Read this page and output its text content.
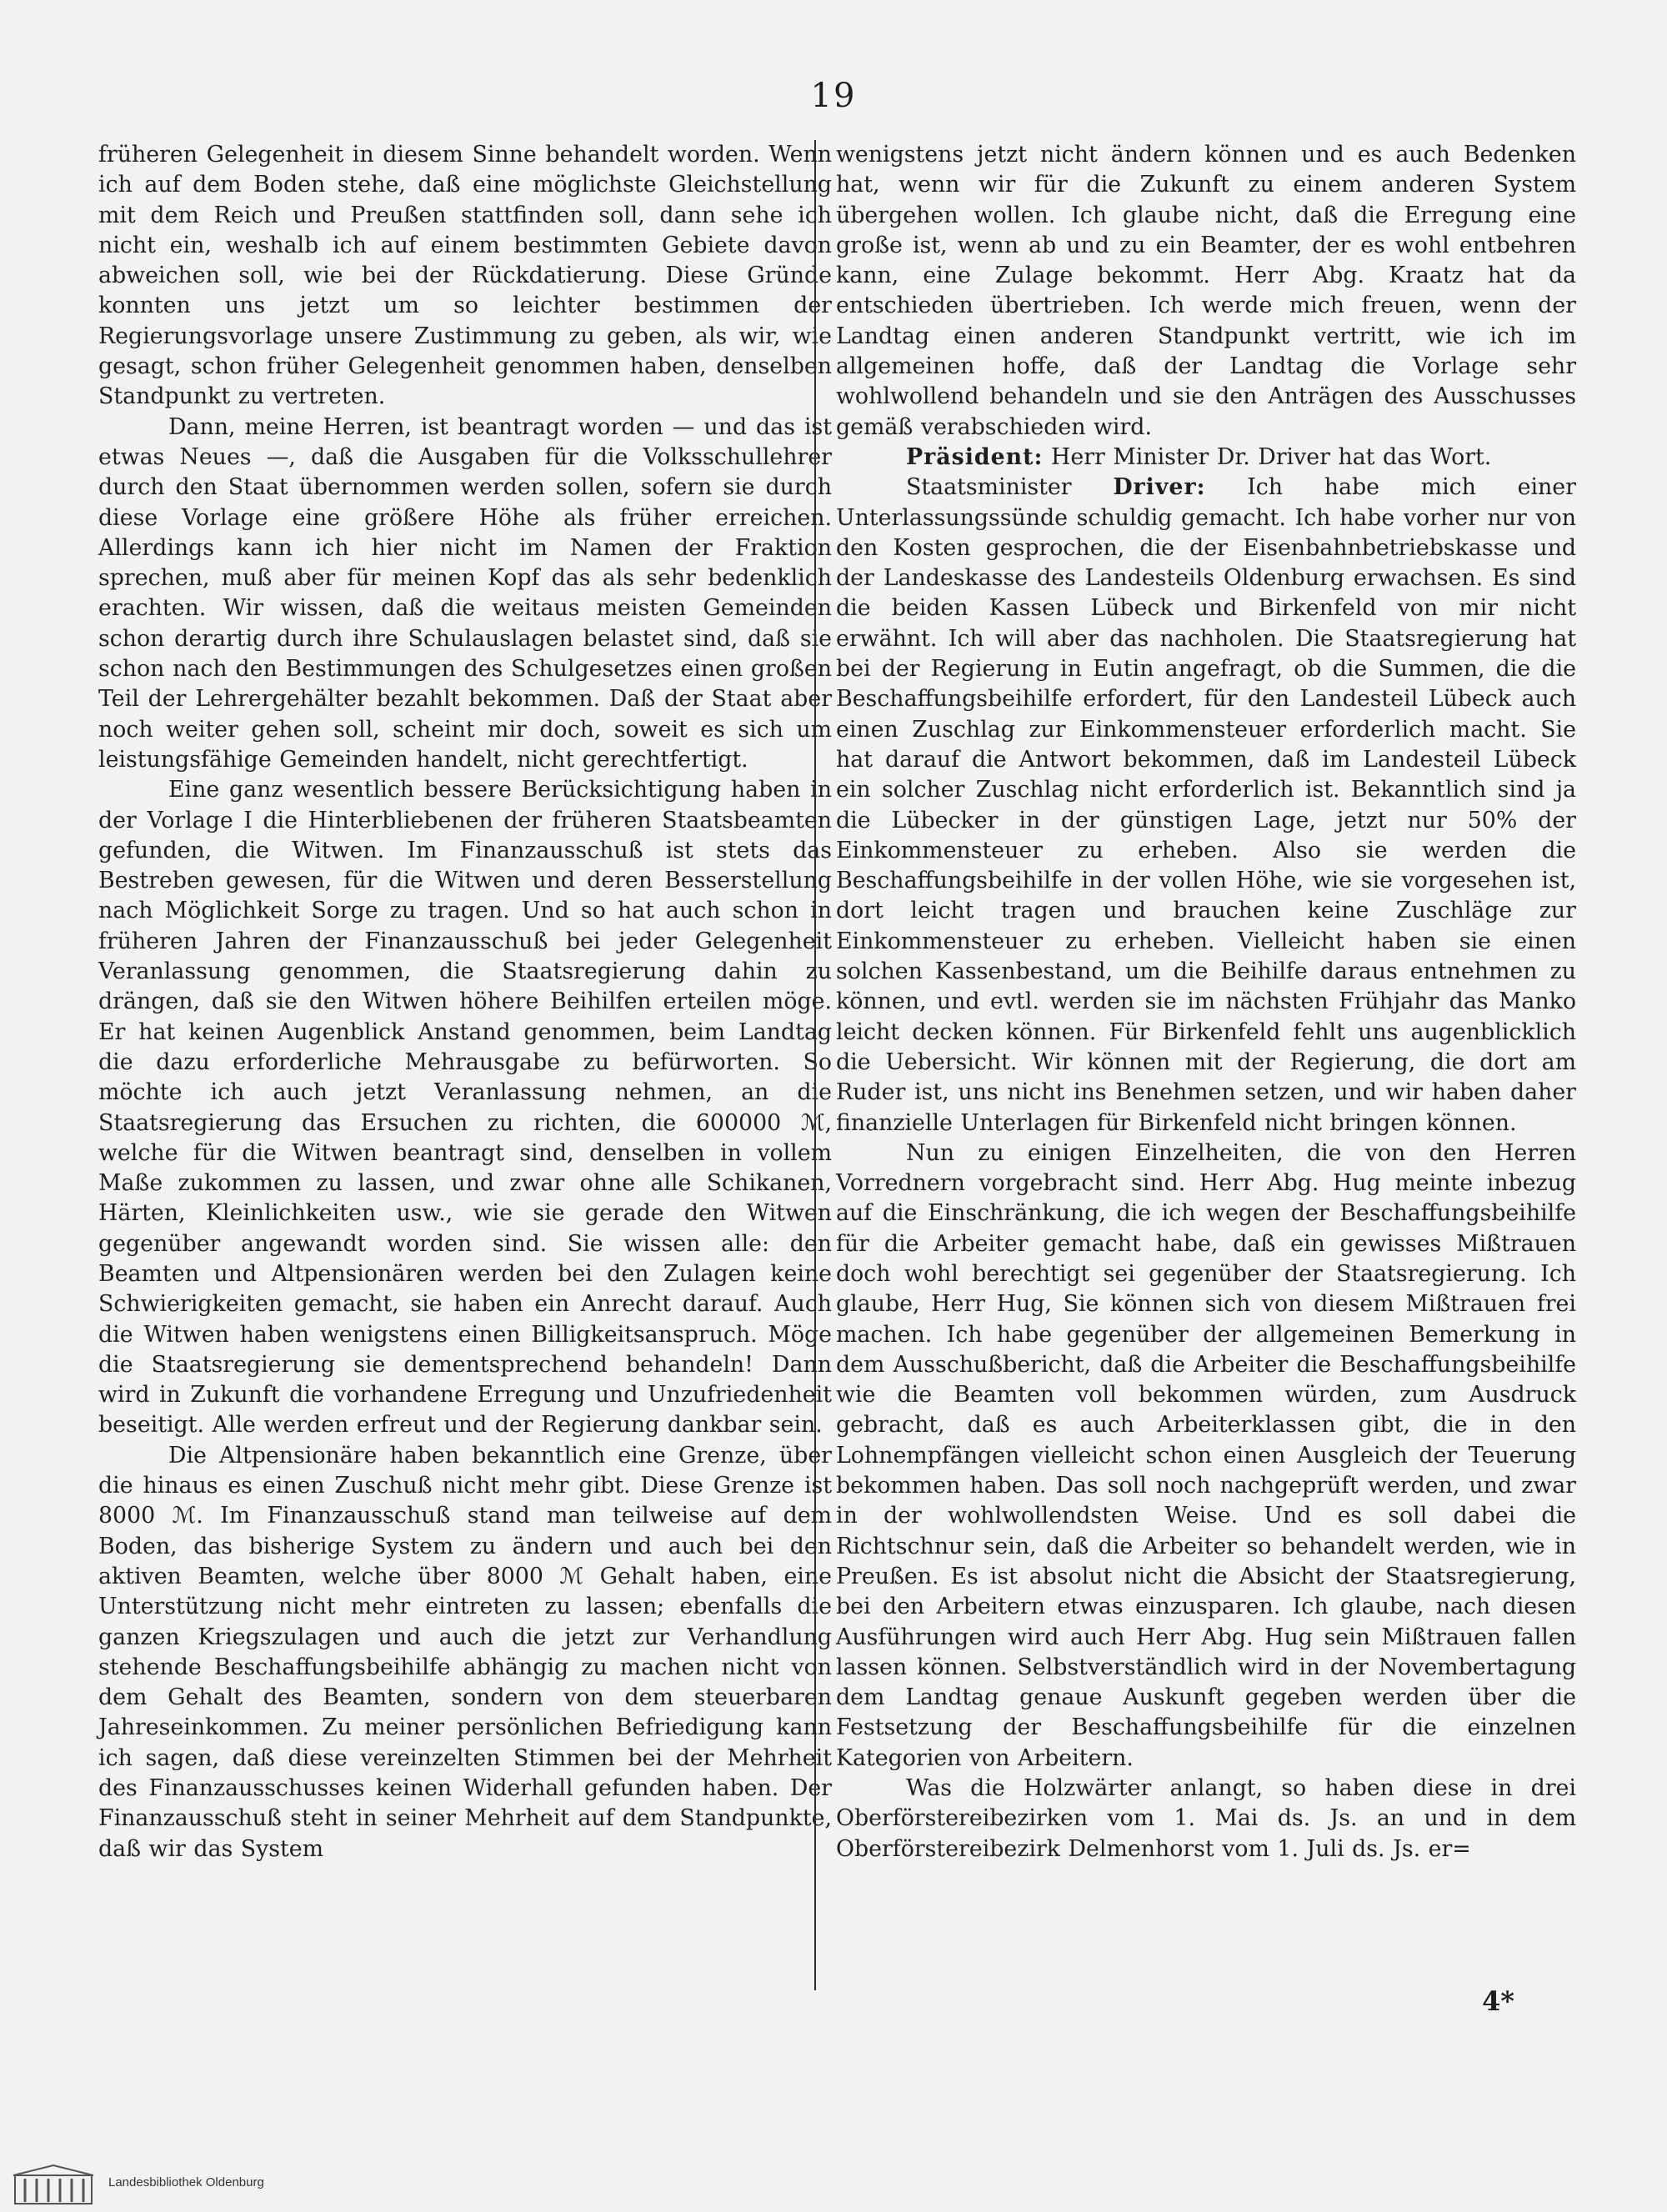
19

früheren Gelegenheit in diesem Sinne behandelt worden. Wenn ich auf dem Boden stehe, daß eine möglichste Gleichstellung mit dem Reich und Preußen stattfinden soll, dann sehe ich nicht ein, weshalb ich auf einem bestimmten Gebiete davon abweichen soll, wie bei der Rückdatierung. Diese Gründe konnten uns jetzt um so leichter bestimmen der Regierungsvorlage unsere Zustimmung zu geben, als wir, wie gesagt, schon früher Gelegenheit genommen haben, denselben Standpunkt zu vertreten.

Dann, meine Herren, ist beantragt worden — und das ist etwas Neues —, daß die Ausgaben für die Volksschullehrer durch den Staat übernommen werden sollen, sofern sie durch diese Vorlage eine größere Höhe als früher erreichen. Allerdings kann ich hier nicht im Namen der Fraktion sprechen, muß aber für meinen Kopf das als sehr bedenklich erachten. Wir wissen, daß die weitaus meisten Gemeinden schon derartig durch ihre Schulauslagen belastet sind, daß sie schon nach den Bestimmungen des Schulgesetzes einen großen Teil der Lehrergehälter bezahlt bekommen. Daß der Staat aber noch weiter gehen soll, scheint mir doch, soweit es sich um leistungsfähige Gemeinden handelt, nicht gerechtfertigt.

Eine ganz wesentlich bessere Berücksichtigung haben in der Vorlage I die Hinterbliebenen der früheren Staatsbeamten gefunden, die Witwen. Im Finanzausschuß ist stets das Bestreben gewesen, für die Witwen und deren Besserstellung nach Möglichkeit Sorge zu tragen. Und so hat auch schon in früheren Jahren der Finanzausschuß bei jeder Gelegenheit Veranlassung genommen, die Staatsregierung dahin zu drängen, daß sie den Witwen höhere Beihilfen erteilen möge. Er hat keinen Augenblick Anstand genommen, beim Landtag die dazu erforderliche Mehrausgabe zu befürworten. So möchte ich auch jetzt Veranlassung nehmen, an die Staatsregierung das Ersuchen zu richten, die 600000 ℳ, welche für die Witwen beantragt sind, denselben in vollem Maße zukommen zu lassen, und zwar ohne alle Schikanen, Härten, Kleinlichkeiten usw., wie sie gerade den Witwen gegenüber angewandt worden sind. Sie wissen alle: den Beamten und Altpensionären werden bei den Zulagen keine Schwierigkeiten gemacht, sie haben ein Anrecht darauf. Auch die Witwen haben wenigstens einen Billigkeitsanspruch. Möge die Staatsregierung sie dementsprechend behandeln! Dann wird in Zukunft die vorhandene Erregung und Unzufriedenheit beseitigt. Alle werden erfreut und der Regierung dankbar sein.

Die Altpensionäre haben bekanntlich eine Grenze, über die hinaus es einen Zuschuß nicht mehr gibt. Diese Grenze ist 8000 ℳ. Im Finanzausschuß stand man teilweise auf dem Boden, das bisherige System zu ändern und auch bei den aktiven Beamten, welche über 8000 ℳ Gehalt haben, eine Unterstützung nicht mehr eintreten zu lassen; ebenfalls die ganzen Kriegszulagen und auch die jetzt zur Verhandlung stehende Beschaffungsbeihilfe abhängig zu machen nicht von dem Gehalt des Beamten, sondern von dem steuerbaren Jahreseinkommen. Zu meiner persönlichen Befriedigung kann ich sagen, daß diese vereinzelten Stimmen bei der Mehrheit des Finanzausschusses keinen Widerhall gefunden haben. Der Finanzausschuß steht in seiner Mehrheit auf dem Standpunkte, daß wir das System

wenigstens jetzt nicht ändern können und es auch Bedenken hat, wenn wir für die Zukunft zu einem anderen System übergehen wollen. Ich glaube nicht, daß die Erregung eine große ist, wenn ab und zu ein Beamter, der es wohl entbehren kann, eine Zulage bekommt. Herr Abg. Kraatz hat da entschieden übertrieben. Ich werde mich freuen, wenn der Landtag einen anderen Standpunkt vertritt, wie ich im allgemeinen hoffe, daß der Landtag die Vorlage sehr wohlwollend behandeln und sie den Anträgen des Ausschusses gemäß verabschieden wird.

Präsident: Herr Minister Dr. Driver hat das Wort.

Staatsminister Driver: Ich habe mich einer Unterlassungssünde schuldig gemacht. Ich habe vorher nur von den Kosten gesprochen, die der Eisenbahnbetriebskasse und der Landeskasse des Landesteils Oldenburg erwachsen. Es sind die beiden Kassen Lübeck und Birkenfeld von mir nicht erwähnt. Ich will aber das nachholen. Die Staatsregierung hat bei der Regierung in Eutin angefragt, ob die Summen, die die Beschaffungsbeihilfe erfordert, für den Landesteil Lübeck auch einen Zuschlag zur Einkommensteuer erforderlich macht. Sie hat darauf die Antwort bekommen, daß im Landesteil Lübeck ein solcher Zuschlag nicht erforderlich ist. Bekanntlich sind ja die Lübecker in der günstigen Lage, jetzt nur 50% der Einkommensteuer zu erheben. Also sie werden die Beschaffungsbeihilfe in der vollen Höhe, wie sie vorgesehen ist, dort leicht tragen und brauchen keine Zuschläge zur Einkommensteuer zu erheben. Vielleicht haben sie einen solchen Kassenbestand, um die Beihilfe daraus entnehmen zu können, und evtl. werden sie im nächsten Frühjahr das Manko leicht decken können. Für Birkenfeld fehlt uns augenblicklich die Uebersicht. Wir können mit der Regierung, die dort am Ruder ist, uns nicht ins Benehmen setzen, und wir haben daher finanzielle Unterlagen für Birkenfeld nicht bringen können.

Nun zu einigen Einzelheiten, die von den Herren Vorrednern vorgebracht sind. Herr Abg. Hug meinte inbezug auf die Einschränkung, die ich wegen der Beschaffungsbeihilfe für die Arbeiter gemacht habe, daß ein gewisses Mißtrauen doch wohl berechtigt sei gegenüber der Staatsregierung. Ich glaube, Herr Hug, Sie können sich von diesem Mißtrauen frei machen. Ich habe gegenüber der allgemeinen Bemerkung in dem Ausschußbericht, daß die Arbeiter die Beschaffungsbeihilfe wie die Beamten voll bekommen würden, zum Ausdruck gebracht, daß es auch Arbeiterklassen gibt, die in den Lohnempfängen vielleicht schon einen Ausgleich der Teuerung bekommen haben. Das soll noch nachgeprüft werden, und zwar in der wohlwollendsten Weise. Und es soll dabei die Richtschnur sein, daß die Arbeiter so behandelt werden, wie in Preußen. Es ist absolut nicht die Absicht der Staatsregierung, bei den Arbeitern etwas einzusparen. Ich glaube, nach diesen Ausführungen wird auch Herr Abg. Hug sein Mißtrauen fallen lassen können. Selbstverständlich wird in der Novembertagung dem Landtag genaue Auskunft gegeben werden über die Festsetzung der Beschaffungsbeihilfe für die einzelnen Kategorien von Arbeitern.

Was die Holzwärter anlangt, so haben diese in drei Oberförstereibezirken vom 1. Mai ds. Js. an und in dem Oberförstereibezirk Delmenhorst vom 1. Juli ds. Js. er=

4*
Landesbibliothek Oldenburg
